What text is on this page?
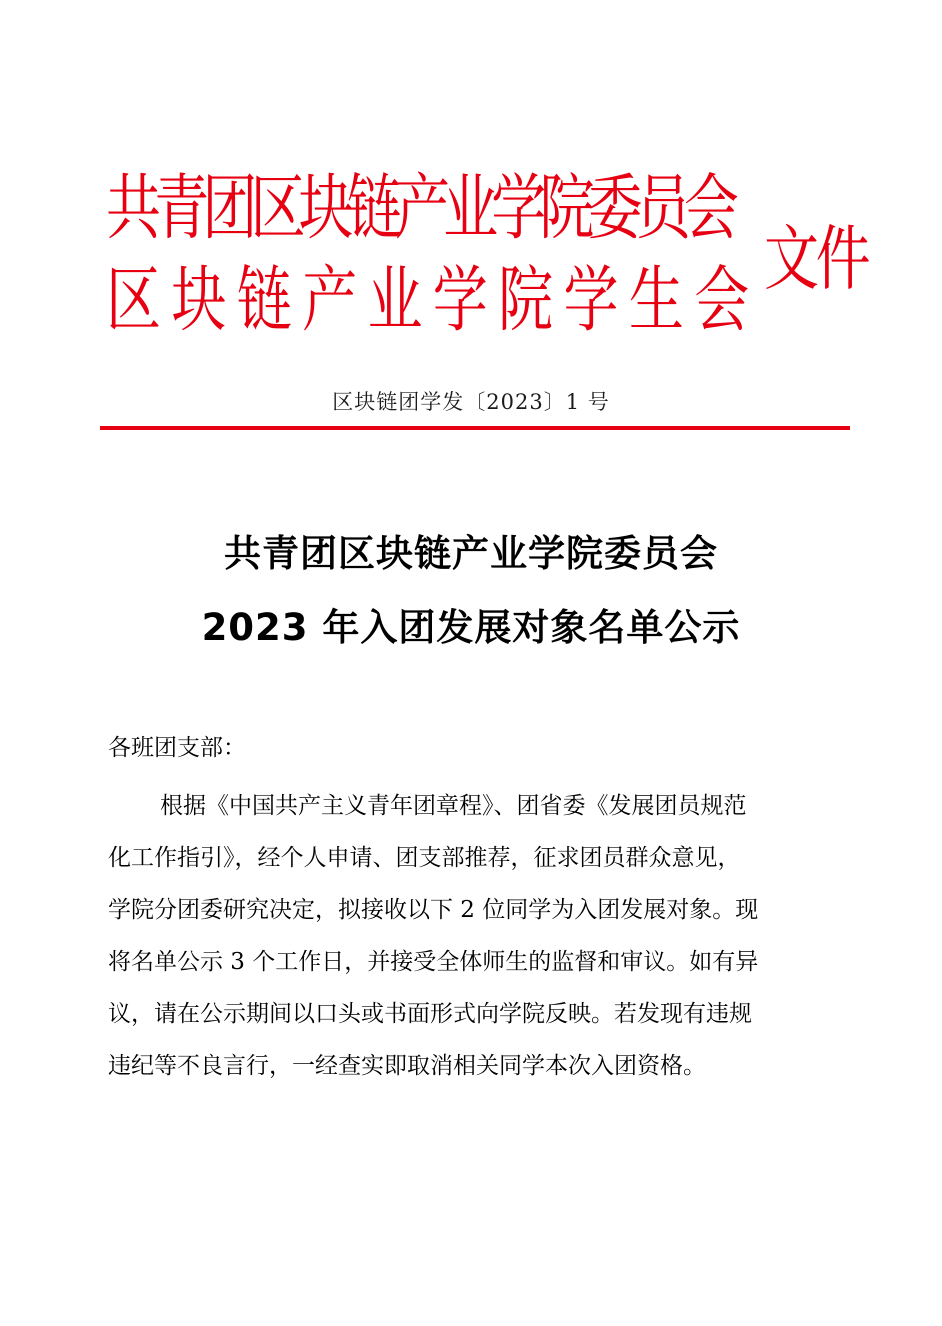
共青团区块链产业学院委员会
区块链产业学院学生会 文件
区块链团学发〔2023〕1 号
共青团区块链产业学院委员会
2023 年入团发展对象名单公示
各班团支部：
根据《中国共产主义青年团章程》、团省委《发展团员规范
化工作指引》，经个人申请、团支部推荐，征求团员群众意见，
学院分团委研究决定，拟接收以下 2 位同学为入团发展对象。现
将名单公示 3 个工作日，并接受全体师生的监督和审议。如有异
议，请在公示期间以口头或书面形式向学院反映。若发现有违规
违纪等不良言行，一经查实即取消相关同学本次入团资格。
